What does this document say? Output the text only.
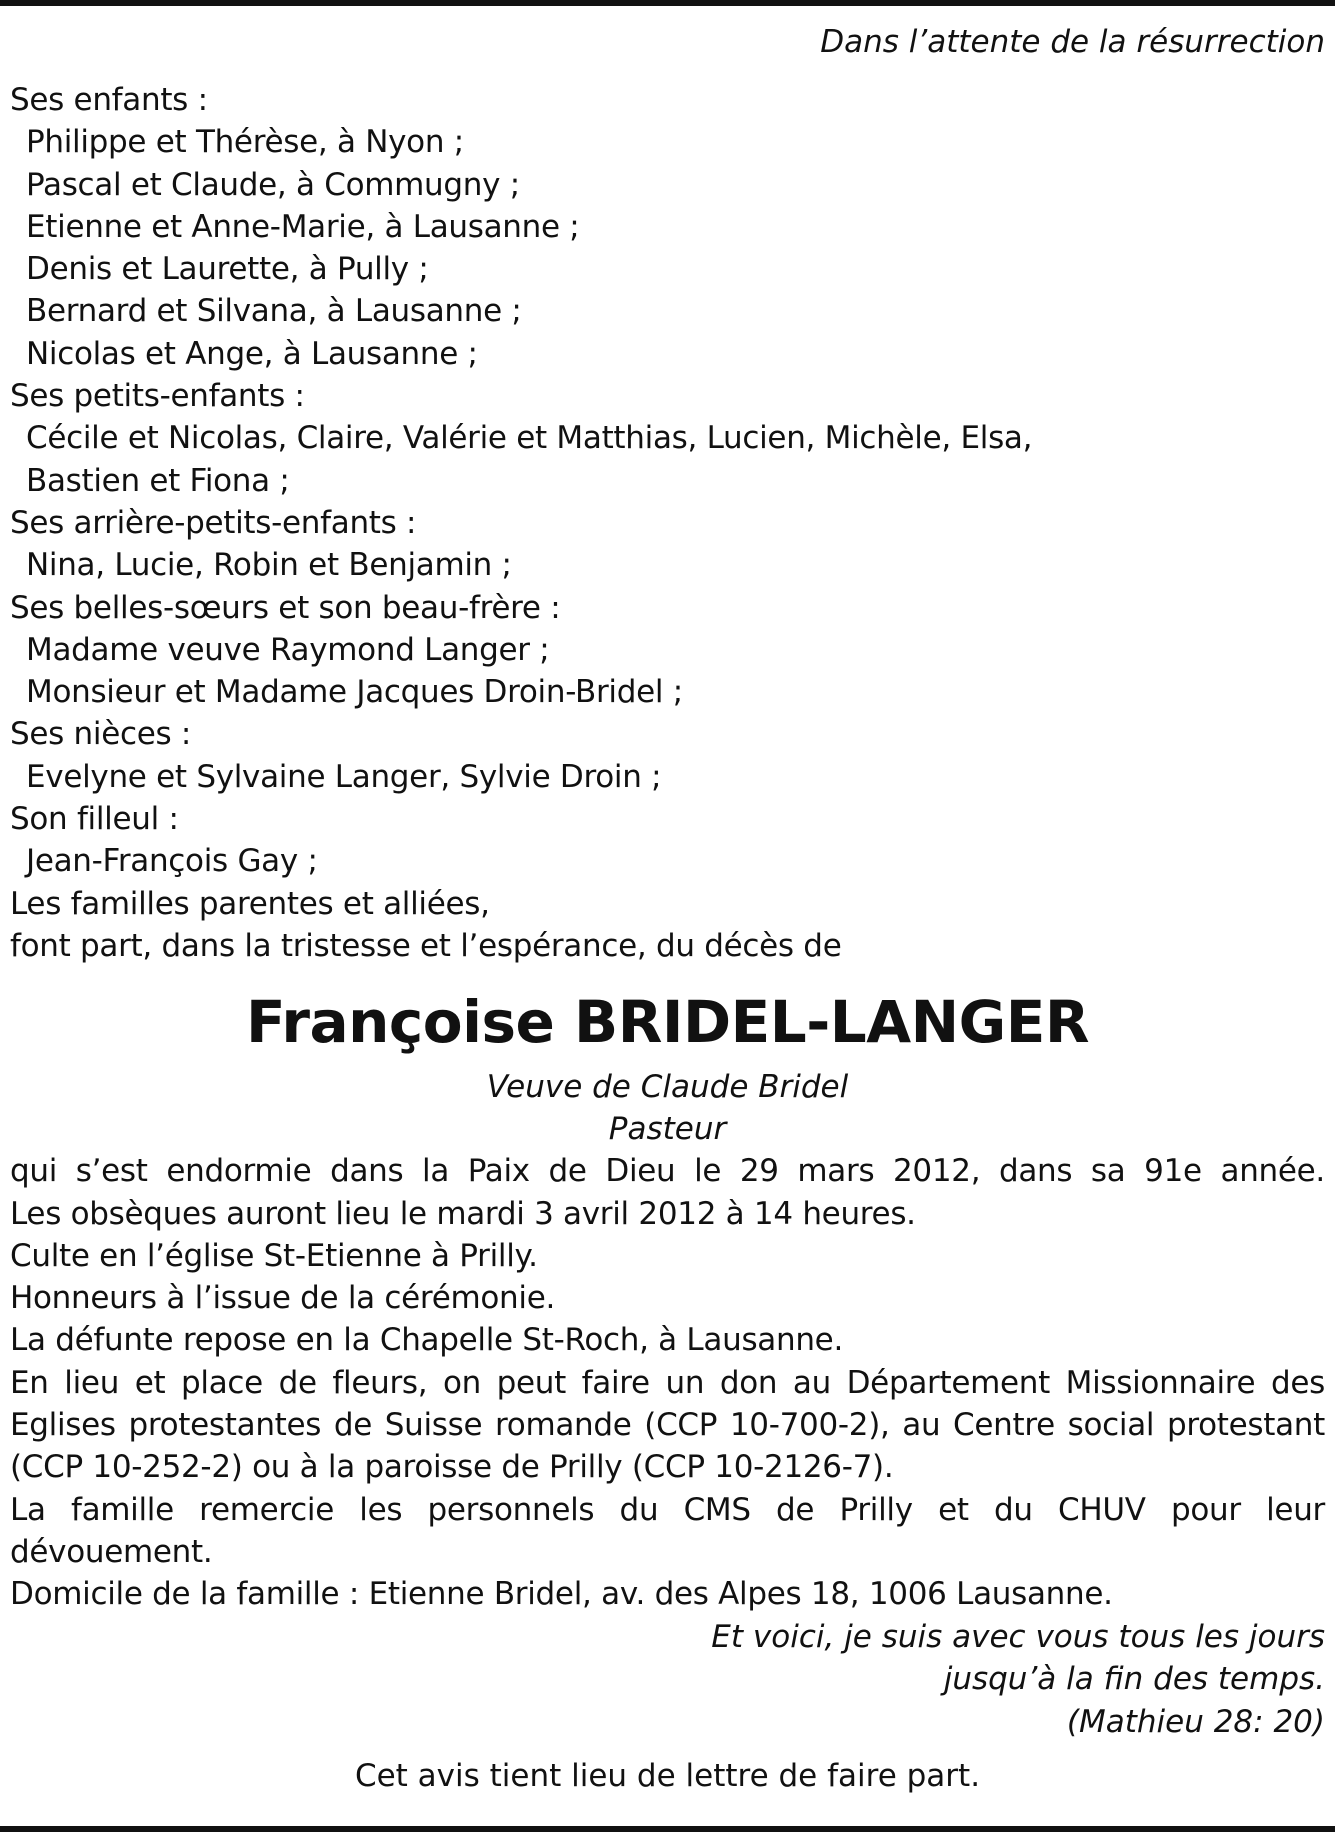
Dans l’attente de la résurrection
Ses enfants :
Philippe et Thérèse, à Nyon ;
Pascal et Claude, à Commugny ;
Etienne et Anne-Marie, à Lausanne ;
Denis et Laurette, à Pully ;
Bernard et Silvana, à Lausanne ;
Nicolas et Ange, à Lausanne ;
Ses petits-enfants :
Cécile et Nicolas, Claire, Valérie et Matthias, Lucien, Michèle, Elsa,
Bastien et Fiona ;
Ses arrière-petits-enfants :
Nina, Lucie, Robin et Benjamin ;
Ses belles-sœurs et son beau-frère :
Madame veuve Raymond Langer ;
Monsieur et Madame Jacques Droin-Bridel ;
Ses nièces :
Evelyne et Sylvaine Langer, Sylvie Droin ;
Son filleul :
Jean-François Gay ;
Les familles parentes et alliées,
font part, dans la tristesse et l’espérance, du décès de
Françoise BRIDEL-LANGER
Veuve de Claude Bridel
Pasteur
qui s’est endormie dans la Paix de Dieu le 29 mars 2012, dans sa 91e année.
Les obsèques auront lieu le mardi 3 avril 2012 à 14 heures.
Culte en l’église St-Etienne à Prilly.
Honneurs à l’issue de la cérémonie.
La défunte repose en la Chapelle St-Roch, à Lausanne.
En lieu et place de fleurs, on peut faire un don au Département Missionnaire des Eglises protestantes de Suisse romande (CCP 10-700-2), au Centre social protestant (CCP 10-252-2) ou à la paroisse de Prilly (CCP 10-2126-7).
La famille remercie les personnels du CMS de Prilly et du CHUV pour leur dévouement.
Domicile de la famille : Etienne Bridel, av. des Alpes 18, 1006 Lausanne.
Et voici, je suis avec vous tous les jours
jusqu’à la fin des temps.
(Mathieu 28: 20)
Cet avis tient lieu de lettre de faire part.
